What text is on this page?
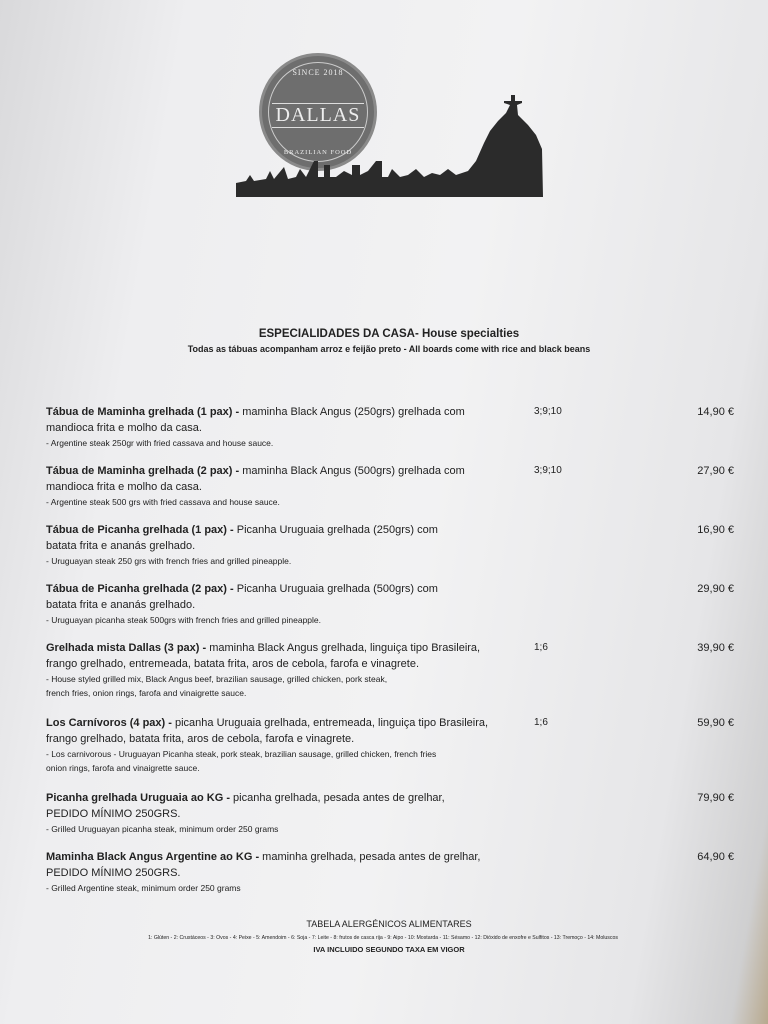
SINCE 2018
DALLAS
BRAZILIAN FOOD
ESPECIALIDADES DA CASA- House specialties
Todas as tábuas acompanham arroz e feijão preto - All boards come with rice and black beans
Tábua de Maminha grelhada (1 pax) - maminha Black Angus (250grs) grelhada com
mandioca frita e molho da casa.
- Argentine steak 250gr with fried cassava and house sauce.
3;9;10	14,90 €
Tábua de Maminha grelhada (2 pax) - maminha Black Angus (500grs) grelhada com
mandioca frita e molho da casa.
- Argentine steak 500 grs with fried cassava and house sauce.
3;9;10	27,90 €
Tábua de Picanha grelhada (1 pax) - Picanha Uruguaia grelhada (250grs) com
batata frita e ananás grelhado.
- Uruguayan steak 250 grs with french fries and grilled pineapple.
16,90 €
Tábua de Picanha grelhada (2 pax) - Picanha Uruguaia grelhada (500grs) com
batata frita e ananás grelhado.
- Uruguayan picanha steak 500grs with french fries and grilled pineapple.
29,90 €
Grelhada mista Dallas (3 pax) - maminha Black Angus grelhada, linguiça tipo Brasileira,
frango grelhado, entremeada, batata frita, aros de cebola, farofa e vinagrete.
- House styled grilled mix, Black Angus beef, brazilian sausage, grilled chicken, pork steak,
french fries, onion rings, farofa and vinaigrette sauce.
1;6	39,90 €
Los Carnívoros (4 pax) - picanha Uruguaia grelhada, entremeada, linguiça tipo Brasileira,
frango grelhado, batata frita, aros de cebola, farofa e vinagrete.
- Los carnivorous - Uruguayan Picanha steak, pork steak, brazilian sausage, grilled chicken, french fries
onion rings, farofa and vinaigrette sauce.
1;6	59,90 €
Picanha grelhada Uruguaia ao KG - picanha grelhada, pesada antes de grelhar,
PEDIDO MÍNIMO 250GRS.
- Grilled Uruguayan picanha steak, minimum order 250 grams
79,90 €
Maminha Black Angus Argentine ao KG - maminha grelhada, pesada antes de grelhar,
PEDIDO MÍNIMO 250GRS.
- Grilled Argentine steak, minimum order 250 grams
64,90 €
TABELA ALERGÉNICOS ALIMENTARES
1: Glúten - 2: Crustáceos - 3: Ovos - 4: Peixe - 5: Amendoim - 6: Soja - 7: Leite - 8: frutos de casca rija - 9: Aipo - 10: Mostarda - 11: Sésamo - 12: Dióxido de enxofre e Sulfitos - 13: Tremoço - 14: Moluscos
IVA INCLUIDO SEGUNDO TAXA EM VIGOR
